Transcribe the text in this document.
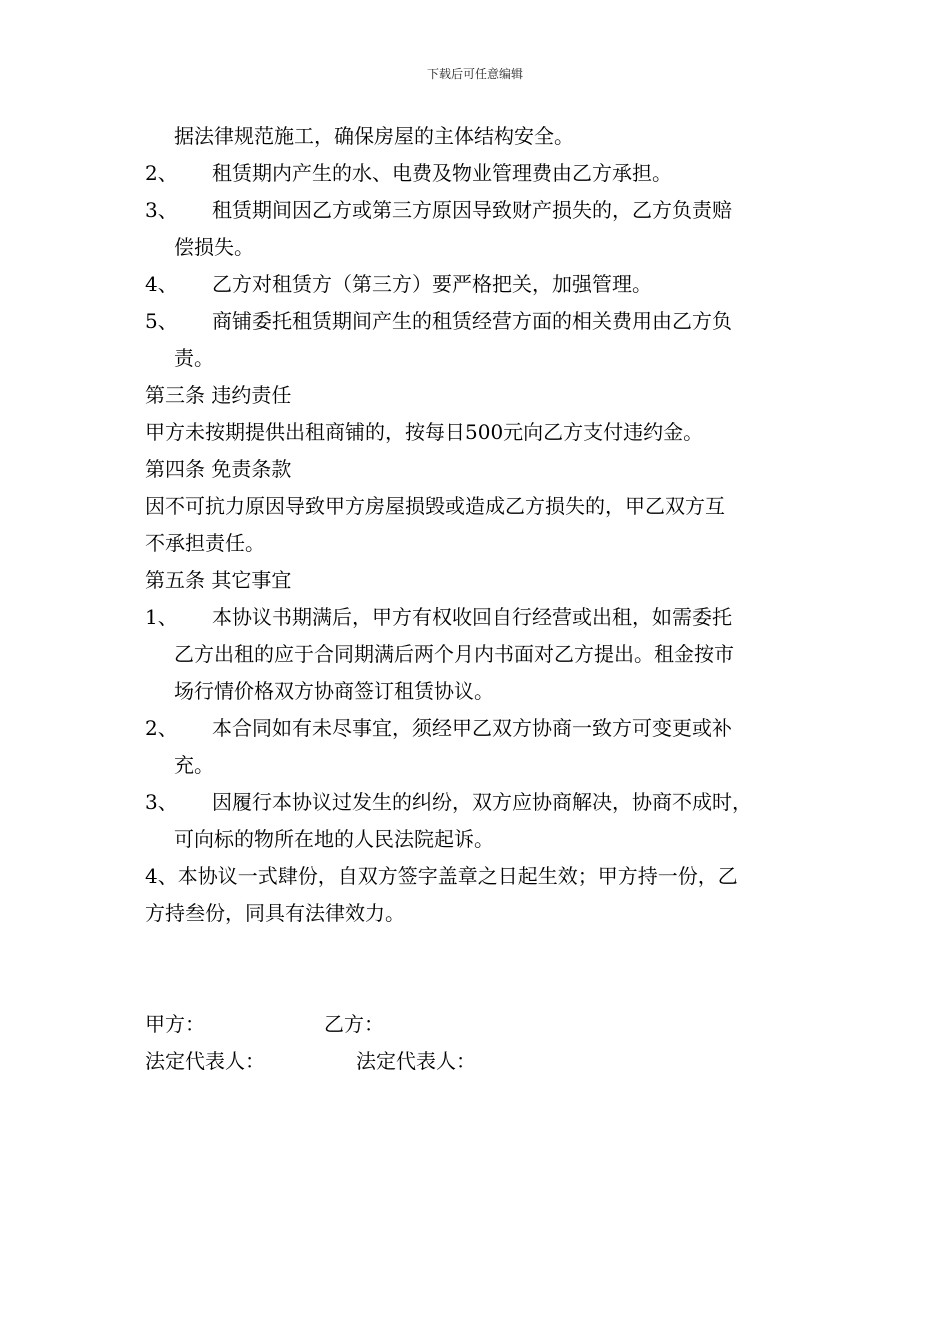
下载后可任意编辑
据法律规范施工，确保房屋的主体结构安全。
2、 租赁期内产生的水、电费及物业管理费由乙方承担。
3、 租赁期间因乙方或第三方原因导致财产损失的，乙方负责赔
偿损失。
4、 乙方对租赁方（第三方）要严格把关，加强管理。
5、 商铺委托租赁期间产生的租赁经营方面的相关费用由乙方负
责。
第三条 违约责任
甲方未按期提供出租商铺的，按每日500元向乙方支付违约金。
第四条 免责条款
因不可抗力原因导致甲方房屋损毁或造成乙方损失的，甲乙双方互
不承担责任。
第五条 其它事宜
1、 本协议书期满后，甲方有权收回自行经营或出租，如需委托
乙方出租的应于合同期满后两个月内书面对乙方提出。租金按市
场行情价格双方协商签订租赁协议。
2、 本合同如有未尽事宜，须经甲乙双方协商一致方可变更或补
充。
3、 因履行本协议过发生的纠纷，双方应协商解决，协商不成时，
可向标的物所在地的人民法院起诉。
4、本协议一式肆份，自双方签字盖章之日起生效；甲方持一份，乙
方持叁份，同具有法律效力。
甲方：	乙方：
法定代表人：	法定代表人：
